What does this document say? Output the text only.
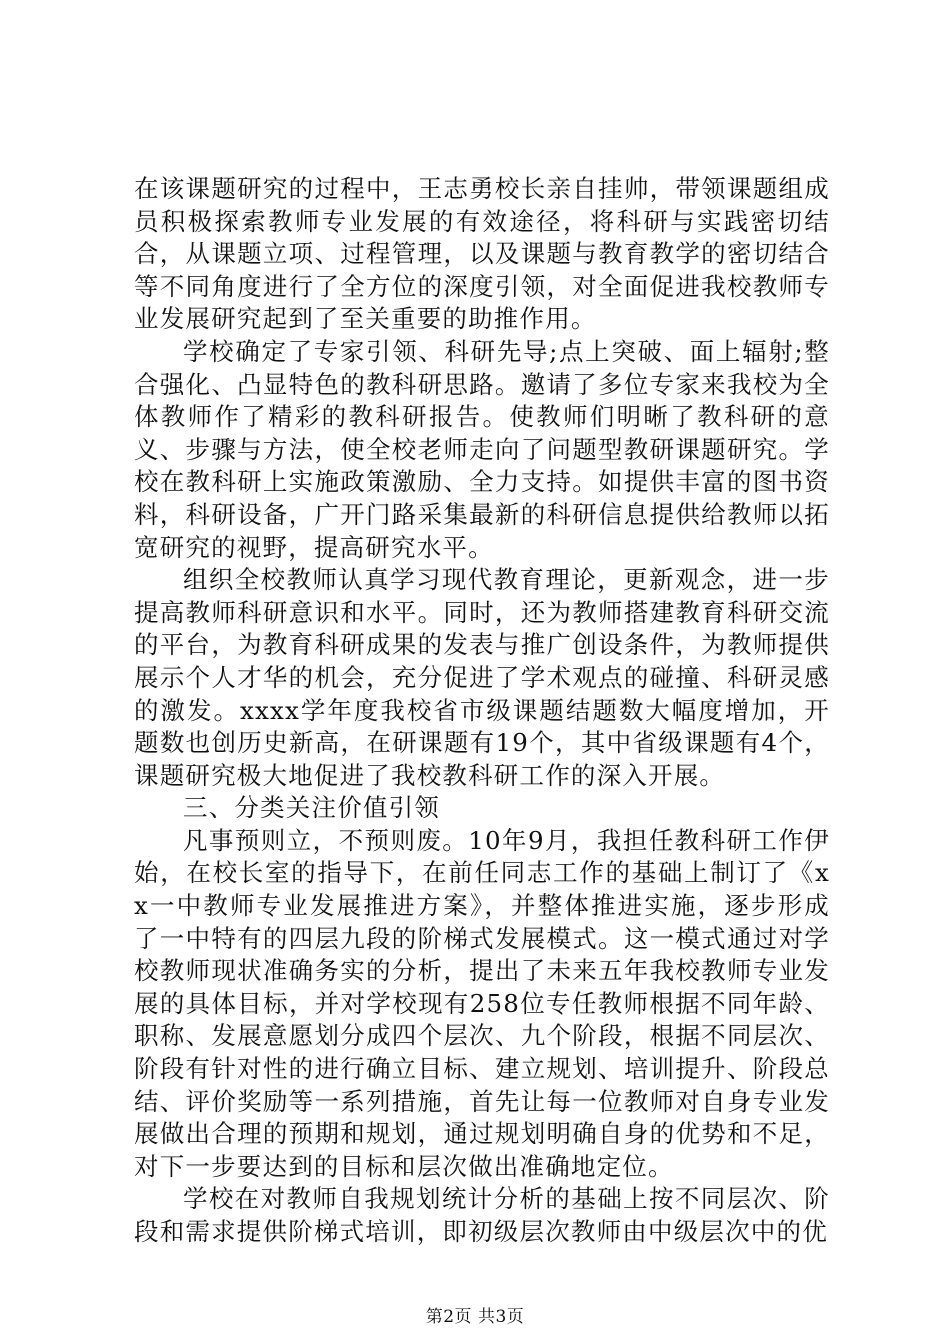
在该课题研究的过程中，王志勇校长亲自挂帅，带领课题组成员积极探索教师专业发展的有效途径，将科研与实践密切结合，从课题立项、过程管理，以及课题与教育教学的密切结合等不同角度进行了全方位的深度引领，对全面促进我校教师专业发展研究起到了至关重要的助推作用。

学校确定了专家引领、科研先导;点上突破、面上辐射;整合强化、凸显特色的教科研思路。邀请了多位专家来我校为全体教师作了精彩的教科研报告。使教师们明晰了教科研的意义、步骤与方法，使全校老师走向了问题型教研课题研究。学校在教科研上实施政策激励、全力支持。如提供丰富的图书资料，科研设备，广开门路采集最新的科研信息提供给教师以拓宽研究的视野，提高研究水平。

组织全校教师认真学习现代教育理论，更新观念，进一步提高教师科研意识和水平。同时，还为教师搭建教育科研交流的平台，为教育科研成果的发表与推广创设条件，为教师提供展示个人才华的机会，充分促进了学术观点的碰撞、科研灵感的激发。xxxx学年度我校省市级课题结题数大幅度增加，开题数也创历史新高，在研课题有19个，其中省级课题有4个，课题研究极大地促进了我校教科研工作的深入开展。

三、分类关注价值引领

凡事预则立，不预则废。10年9月，我担任教科研工作伊始，在校长室的指导下，在前任同志工作的基础上制订了《xx一中教师专业发展推进方案》，并整体推进实施，逐步形成了一中特有的四层九段的阶梯式发展模式。这一模式通过对学校教师现状准确务实的分析，提出了未来五年我校教师专业发展的具体目标，并对学校现有258位专任教师根据不同年龄、职称、发展意愿划分成四个层次、九个阶段，根据不同层次、阶段有针对性的进行确立目标、建立规划、培训提升、阶段总结、评价奖励等一系列措施，首先让每一位教师对自身专业发展做出合理的预期和规划，通过规划明确自身的优势和不足，对下一步要达到的目标和层次做出准确地定位。

学校在对教师自我规划统计分析的基础上按不同层次、阶段和需求提供阶梯式培训，即初级层次教师由中级层次中的优

第2页 共3页
